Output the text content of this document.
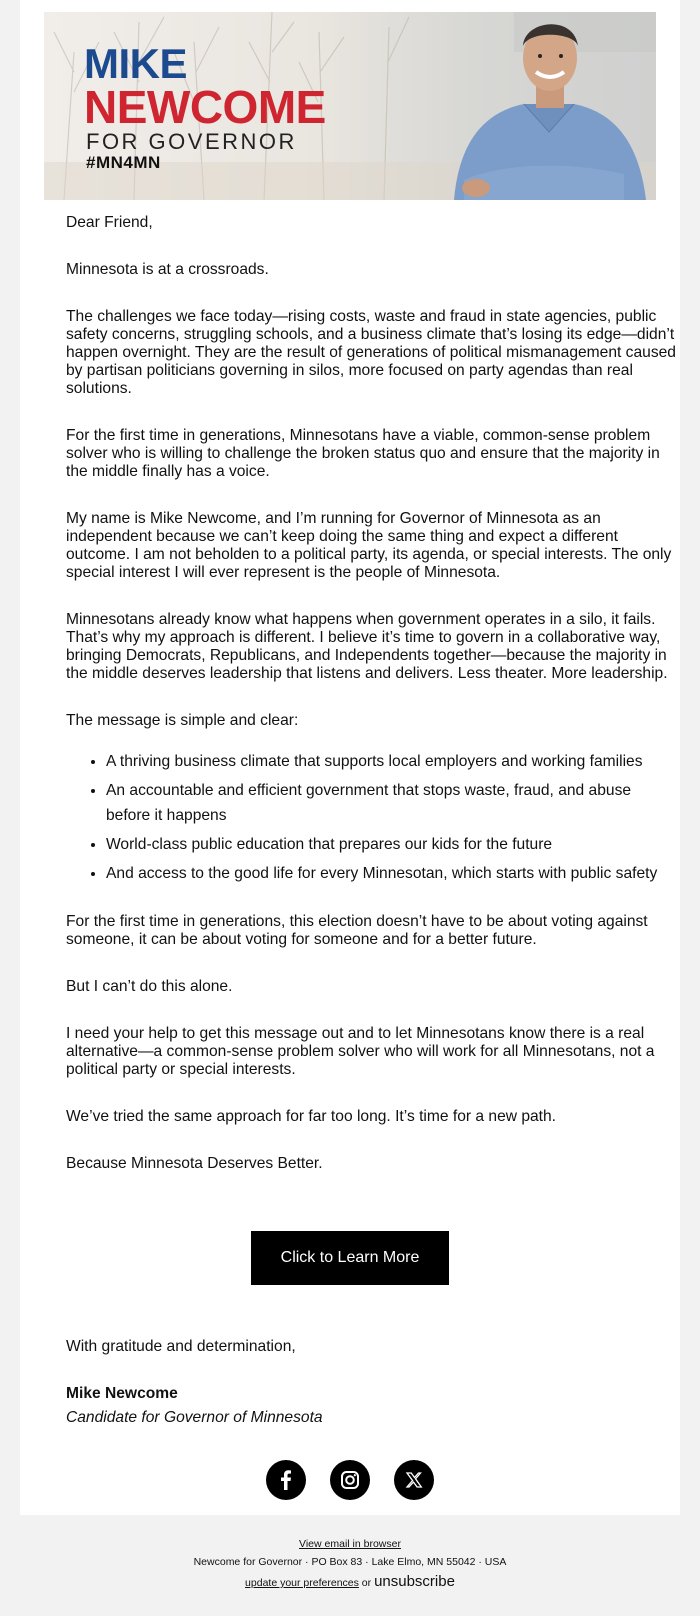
MIKE
NEWCOME
FOR GOVERNOR
#MN4MN

Dear Friend,

Minnesota is at a crossroads.

The challenges we face today—rising costs, waste and fraud in state agencies, public safety concerns, struggling schools, and a business climate that’s losing its edge—didn’t happen overnight. They are the result of generations of political mismanagement caused by partisan politicians governing in silos, more focused on party agendas than real solutions.

For the first time in generations, Minnesotans have a viable, common-sense problem solver who is willing to challenge the broken status quo and ensure that the majority in the middle finally has a voice.

My name is Mike Newcome, and I’m running for Governor of Minnesota as an independent because we can’t keep doing the same thing and expect a different outcome. I am not beholden to a political party, its agenda, or special interests. The only special interest I will ever represent is the people of Minnesota.

Minnesotans already know what happens when government operates in a silo, it fails. That’s why my approach is different. I believe it’s time to govern in a collaborative way, bringing Democrats, Republicans, and Independents together—because the majority in the middle deserves leadership that listens and delivers. Less theater. More leadership.

The message is simple and clear:

• A thriving business climate that supports local employers and working families
• An accountable and efficient government that stops waste, fraud, and abuse before it happens
• World-class public education that prepares our kids for the future
• And access to the good life for every Minnesotan, which starts with public safety

For the first time in generations, this election doesn’t have to be about voting against someone, it can be about voting for someone and for a better future.

But I can’t do this alone.

I need your help to get this message out and to let Minnesotans know there is a real alternative—a common-sense problem solver who will work for all Minnesotans, not a political party or special interests.

We’ve tried the same approach for far too long. It’s time for a new path.

Because Minnesota Deserves Better.

Click to Learn More
With gratitude and determination,
Mike Newcome
Candidate for Governor of Minnesota
View email in browser
Newcome for Governor · PO Box 83 · Lake Elmo, MN 55042 · USA
update your preferences or unsubscribe
